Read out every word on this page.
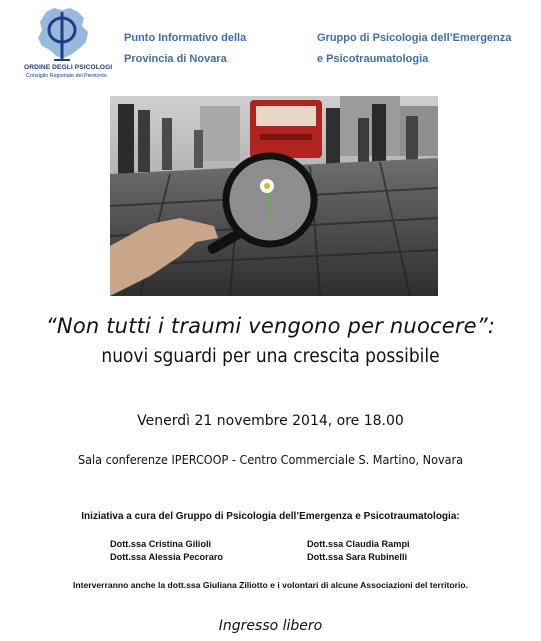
ORDINE DEGLI PSICOLOGI
Consiglio Regionale del Piemonte
Punto Informativo della
Provincia di Novara
Gruppo di Psicologia dell’Emergenza
e Psicotraumatologia
“Non tutti i traumi vengono per nuocere”:
nuovi sguardi per una crescita possibile
Venerdì 21 novembre 2014, ore 18.00
Sala conferenze IPERCOOP - Centro Commerciale S. Martino, Novara
Iniziativa a cura del Gruppo di Psicologia dell’Emergenza e Psicotraumatologia:
Dott.ssa Cristina Gilioli
Dott.ssa Alessia Pecoraro
Dott.ssa Claudia Rampi
Dott.ssa Sara Rubinelli
Interverranno anche la dott.ssa Giuliana Ziliotto e i volontari di alcune Associazioni del territorio.
Ingresso libero
